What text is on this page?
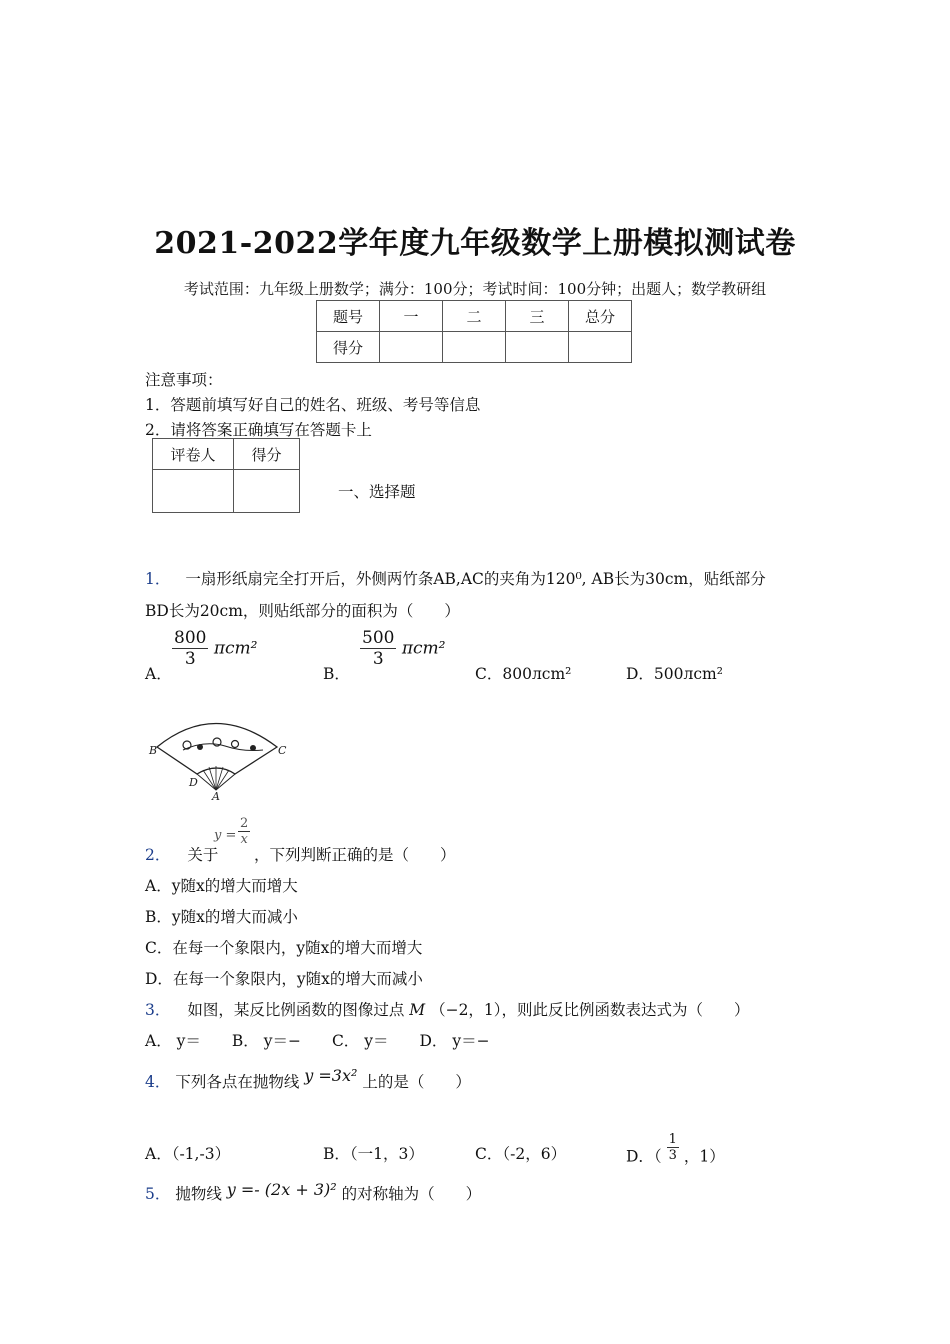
2021-2022学年度九年级数学上册模拟测试卷
考试范围：九年级上册数学；满分：100分；考试时间：100分钟；出题人；数学教研组
题号	一	二	三	总分
得分				
注意事项：
1．答题前填写好自己的姓名、班级、考号等信息
2．请将答案正确填写在答题卡上
评卷人	得分

一、选择题
1． 一扇形纸扇完全打开后，外侧两竹条AB,AC的夹角为120⁰, AB长为30cm，贴纸部分
BD长为20cm，则贴纸部分的面积为（　　）
A．
$\frac{800}{3} \pi cm^2$
B．
$\frac{500}{3} \pi cm^2$
C．800лcm²	D．500лcm²
B	C
D
A
2． 关于
$y = \frac{2}{x}$
，下列判断正确的是（　　）
A．y随x的增大而增大
B．y随x的增大而减小
C．在每一个象限内，y随x的增大而增大
D．在每一个象限内，y随x的增大而减小
3． 如图，某反比例函数的图像过点 M （−2，1），则此反比例函数表达式为（　　）
A． y＝　　B． y＝−　　C． y＝　　D． y＝−
4． 下列各点在抛物线 y =3x² 上的是（　　）
A．（-1,-3）	B．（一1，3）	C．（-2，6）	D．（ $\frac{1}{3}$ ，1）
5． 抛物线 y =- (2x + 3)² 的对称轴为（　　）
